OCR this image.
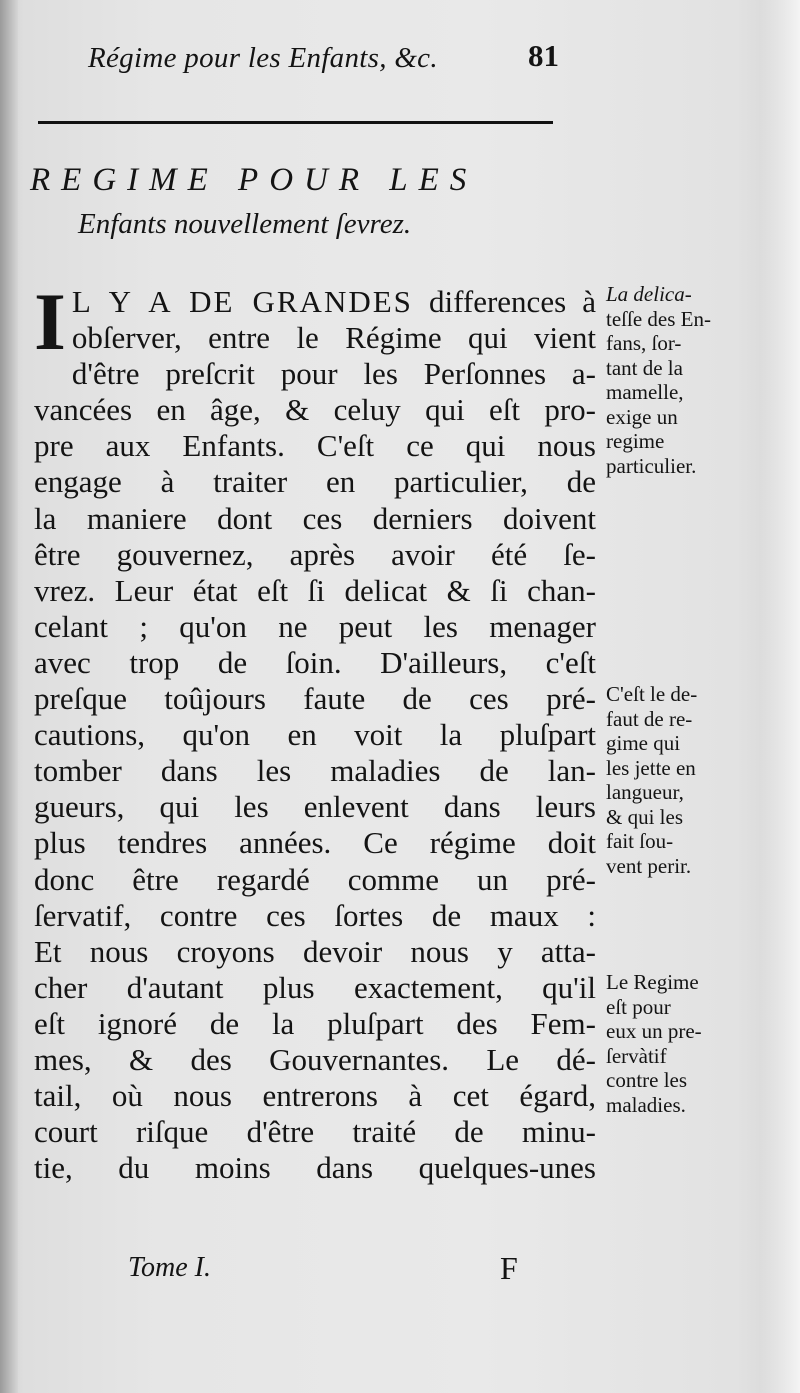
Régime pour les Enfants, &c.	81
REGIME POUR LES
Enfants nouvellement ſevrez.
I L Y A DE GRANDES differences à
obſerver, entre le Régime qui vient
d'être preſcrit pour les Perſonnes a-
vancées en âge, & celuy qui eſt pro-
pre aux Enfants. C'eſt ce qui nous
engage à traiter en particulier, de
la maniere dont ces derniers doivent
être gouvernez, après avoir été ſe-
vrez. Leur état eſt ſi delicat & ſi chan-
celant ; qu'on ne peut les menager
avec trop de ſoin. D'ailleurs, c'eſt
preſque toûjours faute de ces pré-
cautions, qu'on en voit la pluſpart
tomber dans les maladies de lan-
gueurs, qui les enlevent dans leurs
plus tendres années. Ce régime doit
donc être regardé comme un pré-
ſervatif, contre ces ſortes de maux :
Et nous croyons devoir nous y atta-
cher d'autant plus exactement, qu'il
eſt ignoré de la pluſpart des Fem-
mes, & des Gouvernantes. Le dé-
tail, où nous entrerons à cet égard,
court riſque d'être traité de minu-
tie, du moins dans quelques-unes
La delica-
teſſe des En-
fans, ſor-
tant de la
mamelle,
exige un
regime
particulier.
C'eſt le de-
faut de re-
gime qui
les jette en
langueur,
& qui les
fait ſou-
vent perir.
Le Regime
eſt pour
eux un pre-
ſervàtif
contre les
maladies.
Tome I.	F
